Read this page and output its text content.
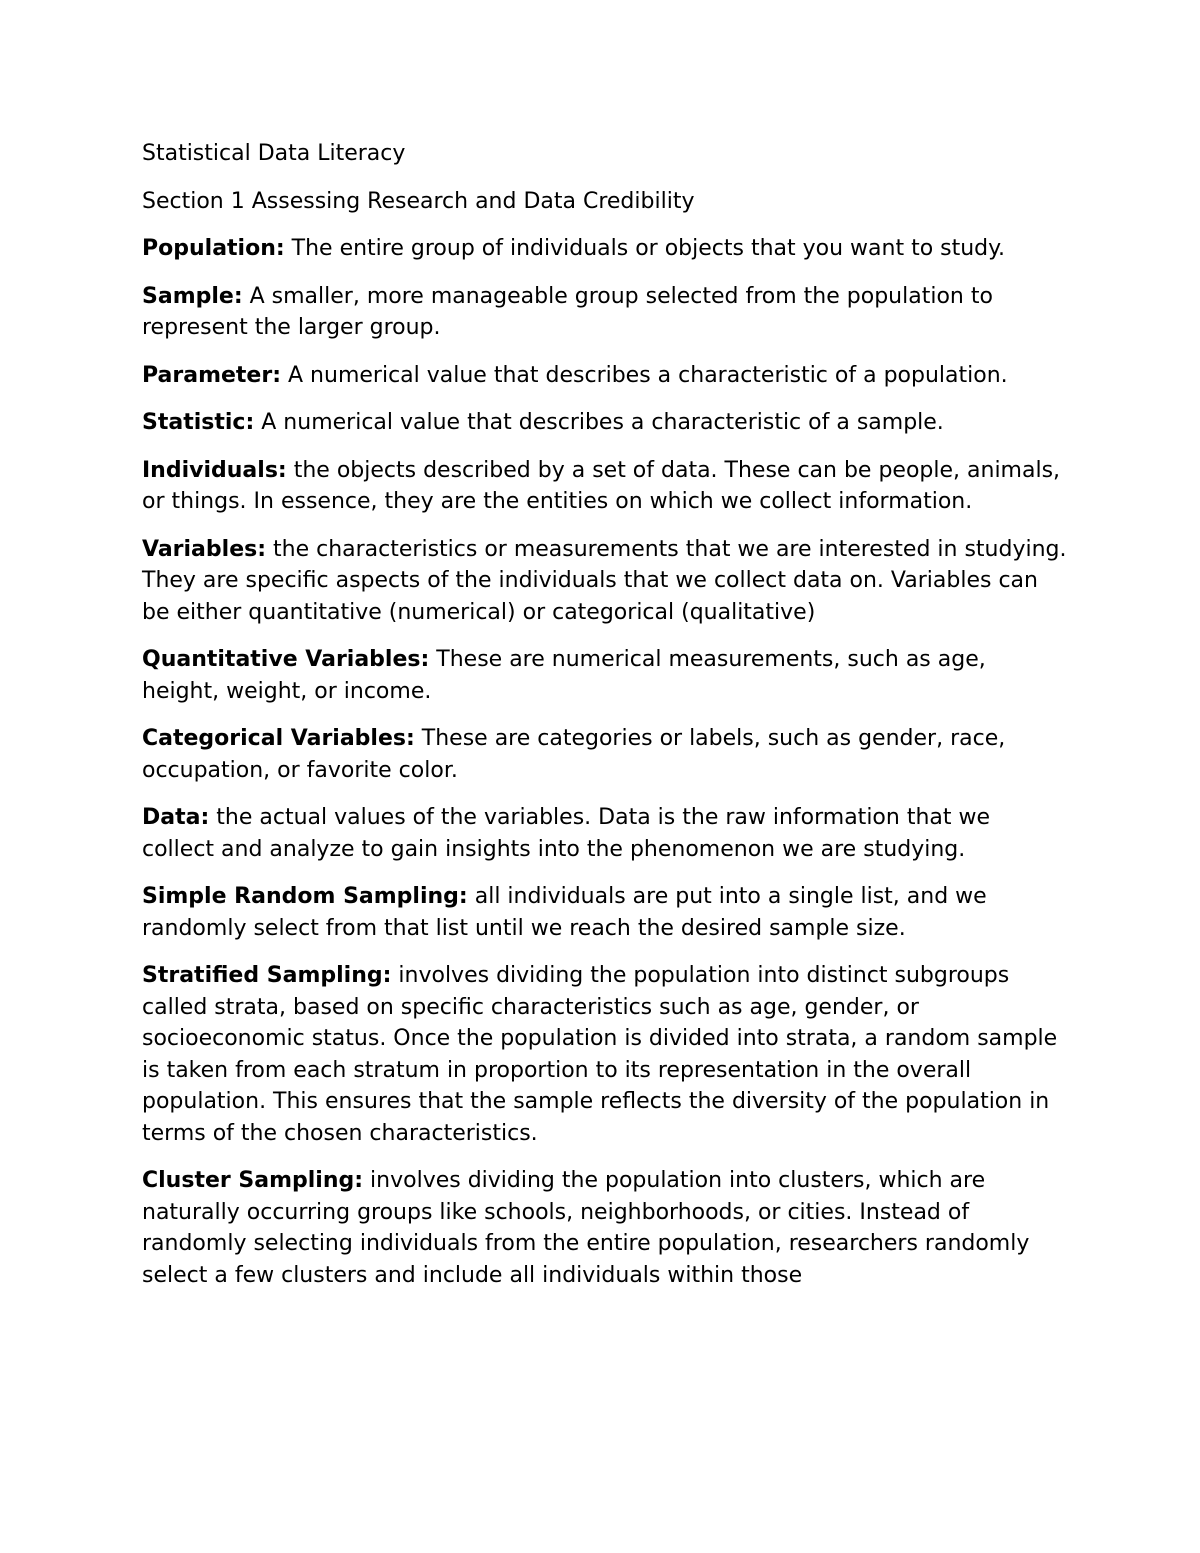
Statistical Data Literacy

Section 1 Assessing Research and Data Credibility

Population: The entire group of individuals or objects that you want to study.

Sample: A smaller, more manageable group selected from the population to represent the larger group.

Parameter: A numerical value that describes a characteristic of a population.

Statistic: A numerical value that describes a characteristic of a sample.

Individuals: the objects described by a set of data. These can be people, animals, or things. In essence, they are the entities on which we collect information.

Variables: the characteristics or measurements that we are interested in studying. They are specific aspects of the individuals that we collect data on. Variables can be either quantitative (numerical) or categorical (qualitative)

Quantitative Variables: These are numerical measurements, such as age, height, weight, or income.

Categorical Variables: These are categories or labels, such as gender, race, occupation, or favorite color.

Data: the actual values of the variables. Data is the raw information that we collect and analyze to gain insights into the phenomenon we are studying.

Simple Random Sampling: all individuals are put into a single list, and we randomly select from that list until we reach the desired sample size.

Stratified Sampling: involves dividing the population into distinct subgroups called strata, based on specific characteristics such as age, gender, or socioeconomic status. Once the population is divided into strata, a random sample is taken from each stratum in proportion to its representation in the overall population. This ensures that the sample reflects the diversity of the population in terms of the chosen characteristics.

Cluster Sampling: involves dividing the population into clusters, which are naturally occurring groups like schools, neighborhoods, or cities. Instead of randomly selecting individuals from the entire population, researchers randomly select a few clusters and include all individuals within those
